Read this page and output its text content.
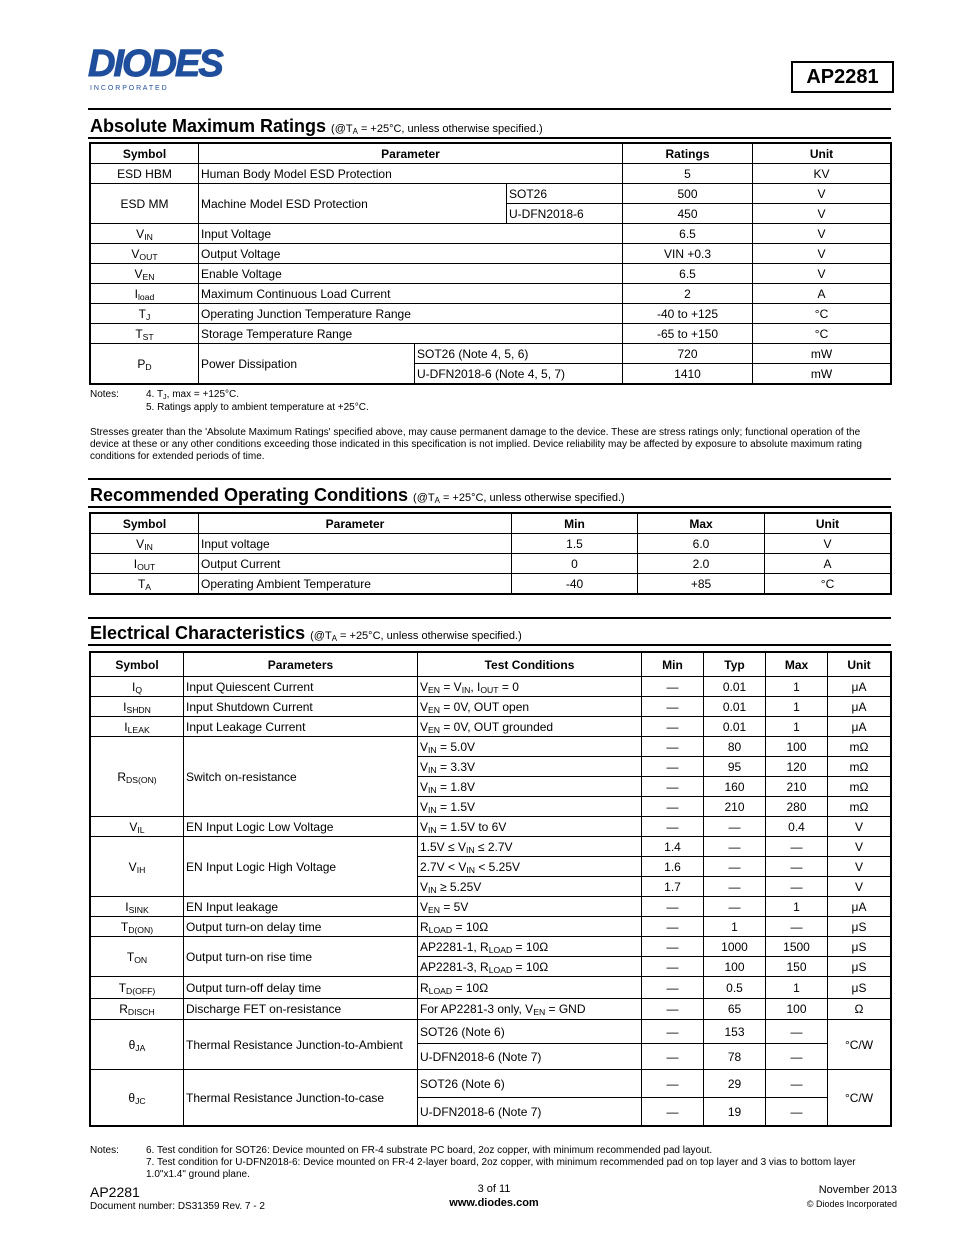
DIODES
I N C O R P O R A T E D
AP2281
Absolute Maximum Ratings ($@T_A = +25^\circ C$, unless otherwise specified.)
Symbol	Parameter			Ratings	Unit
ESD HBM	Human Body Model ESD Protection			5	KV
ESD MM	Machine Model ESD Protection		SOT26	500	V
			U-DFN2018-6	450	V
$V_{IN}$	Input Voltage			6.5	V
$V_{OUT}$	Output Voltage			VIN +0.3	V
$V_{EN}$	Enable Voltage			6.5	V
$I_{load}$	Maximum Continuous Load Current			2	A
$T_J$	Operating Junction Temperature Range			-40 to +125	°C
$T_{ST}$	Storage Temperature Range			-65 to +150	°C
$P_D$	Power Dissipation	SOT26 (Note 4, 5, 6)		720	mW
		U-DFN2018-6 (Note 4, 5, 7)		1410	mW
Notes:	4. $T_J$, max = +125°C.
5. Ratings apply to ambient temperature at +25°C.
Stresses greater than the 'Absolute Maximum Ratings' specified above, may cause permanent damage to the device. These are stress ratings only; functional operation of the device at these or any other conditions exceeding those indicated in this specification is not implied. Device reliability may be affected by exposure to absolute maximum rating conditions for extended periods of time.
Recommended Operating Conditions ($@T_A = +25^\circ C$, unless otherwise specified.)
Symbol	Parameter	Min	Max	Unit
$V_{IN}$	Input voltage	1.5	6.0	V
$I_{OUT}$	Output Current	0	2.0	A
$T_A$	Operating Ambient Temperature	-40	+85	°C
Electrical Characteristics ($@T_A = +25^\circ C$, unless otherwise specified.)
Symbol	Parameters	Test Conditions	Min	Typ	Max	Unit
$I_Q$	Input Quiescent Current	$V_{EN} = V_{IN}$, $I_{OUT} = 0$	—	0.01	1	μA
$I_{SHDN}$	Input Shutdown Current	$V_{EN} = 0V$, OUT open	—	0.01	1	μA
$I_{LEAK}$	Input Leakage Current	$V_{EN} = 0V$, OUT grounded	—	0.01	1	μA
$R_{DS(ON)}$	Switch on-resistance	$V_{IN} = 5.0V$	—	80	100	mΩ
		$V_{IN} = 3.3V$	—	95	120	mΩ
		$V_{IN} = 1.8V$	—	160	210	mΩ
		$V_{IN} = 1.5V$	—	210	280	mΩ
$V_{IL}$	EN Input Logic Low Voltage	$V_{IN} = 1.5V$ to 6V	—	—	0.4	V
$V_{IH}$	EN Input Logic High Voltage	$1.5V \le V_{IN} \le 2.7V$	1.4	—	—	V
		$2.7V < V_{IN} < 5.25V$	1.6	—	—	V
		$V_{IN} \ge 5.25V$	1.7	—	—	V
$I_{SINK}$	EN Input leakage	$V_{EN} = 5V$	—	—	1	μA
$T_{D(ON)}$	Output turn-on delay time	$R_{LOAD} = 10\Omega$	—	1	—	μS
$T_{ON}$	Output turn-on rise time	AP2281-1, $R_{LOAD} = 10\Omega$	—	1000	1500	μS
		AP2281-3, $R_{LOAD} = 10\Omega$	—	100	150	μS
$T_{D(OFF)}$	Output turn-off delay time	$R_{LOAD} = 10\Omega$	—	0.5	1	μS
$R_{DISCH}$	Discharge FET on-resistance	For AP2281-3 only, $V_{EN}$ = GND	—	65	100	Ω
$\theta_{JA}$	Thermal Resistance Junction-to-Ambient	SOT26 (Note 6)	—	153	—	°C/W
		U-DFN2018-6 (Note 7)	—	78	—	
$\theta_{JC}$	Thermal Resistance Junction-to-case	SOT26 (Note 6)	—	29	—	°C/W
		U-DFN2018-6 (Note 7)	—	19	—	
Notes:	6. Test condition for SOT26: Device mounted on FR-4 substrate PC board, 2oz copper, with minimum recommended pad layout.
7. Test condition for U-DFN2018-6: Device mounted on FR-4 2-layer board, 2oz copper, with minimum recommended pad on top layer and 3 vias to bottom layer 1.0"x1.4" ground plane.
AP2281
Document number: DS31359 Rev. 7 - 2
3 of 11
www.diodes.com
November 2013
© Diodes Incorporated
